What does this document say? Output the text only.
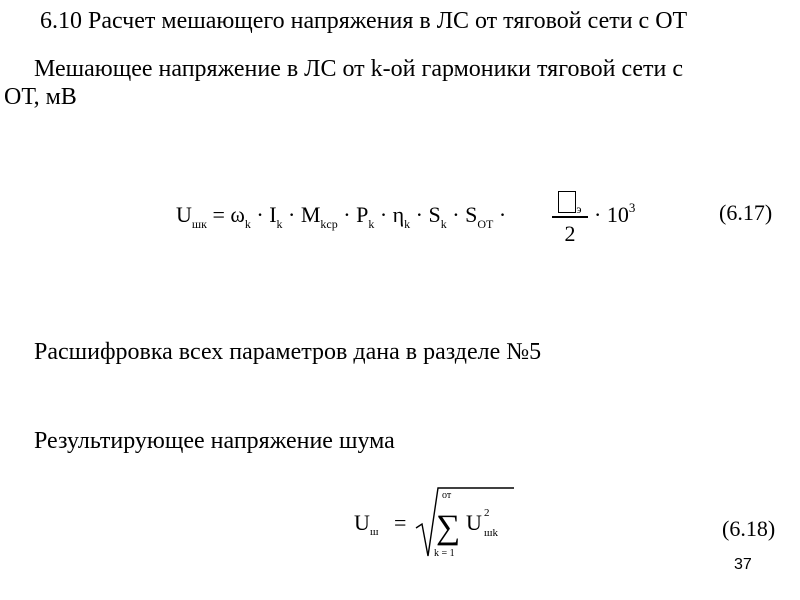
6.10 Расчет мешающего напряжения в ЛС от тяговой сети с ОТ
Мешающее напряжение в ЛС от k-ой гармоники тяговой сети с
ОТ, мВ
$U_{шк} = \omega_k \cdot I_k \cdot M_{kср} \cdot P_k \cdot \eta_k \cdot S_k \cdot S_{ОТ}$ ·	$_э$
2
· $10^3$	(6.17)
Расшифровка всех параметров дана в разделе №5
Результирующее напряжение шума
U ш =
от
∑
k = 1
U 2
шk	(6.18)
37
